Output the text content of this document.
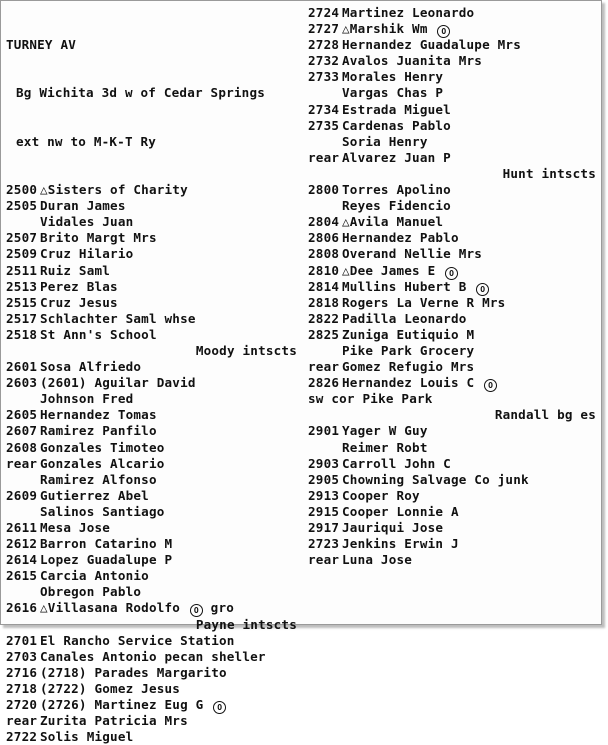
TURNEY AV

Bg Wichita 3d w of Cedar Springs

ext nw to M-K-T Ry

2500 △Sisters of Charity
2505 Duran James
Vidales Juan
2507 Brito Margt Mrs
2509 Cruz Hilario
2511 Ruiz Saml
2513 Perez Blas
2515 Cruz Jesus
2517 Schlachter Saml whse
2518 St Ann's School
Moody intscts
2601 Sosa Alfriedo
2603 (2601) Aguilar David
Johnson Fred
2605 Hernandez Tomas
2607 Ramirez Panfilo
2608 Gonzales Timoteo
rear Gonzales Alcario
Ramirez Alfonso
2609 Gutierrez Abel
Salinos Santiago
2611 Mesa Jose
2612 Barron Catarino M
2614 Lopez Guadalupe P
2615 Carcia Antonio
Obregon Pablo
2616 △Villasana Rodolfo O gro
Payne intscts
2701 El Rancho Service Station
2703 Canales Antonio pecan sheller
2716 (2718) Parades Margarito
2718 (2722) Gomez Jesus
2720 (2726) Martinez Eug G O
rear Zurita Patricia Mrs
2722 Solis Miguel
2724 Martinez Leonardo
2727 △Marshik Wm O
2728 Hernandez Guadalupe Mrs
2732 Avalos Juanita Mrs
2733 Morales Henry
Vargas Chas P
2734 Estrada Miguel
2735 Cardenas Pablo
Soria Henry
rear Alvarez Juan P
Hunt intscts
2800 Torres Apolino
Reyes Fidencio
2804 △Avila Manuel
2806 Hernandez Pablo
2808 Overand Nellie Mrs
2810 △Dee James E O
2814 Mullins Hubert B O
2818 Rogers La Verne R Mrs
2822 Padilla Leonardo
2825 Zuniga Eutiquio M
Pike Park Grocery
rear Gomez Refugio Mrs
2826 Hernandez Louis C O
sw cor Pike Park
Randall bg es
2901 Yager W Guy
Reimer Robt
2903 Carroll John C
2905 Chowning Salvage Co junk
2913 Cooper Roy
2915 Cooper Lonnie A
2917 Jauriqui Jose
2723 Jenkins Erwin J
rear Luna Jose
